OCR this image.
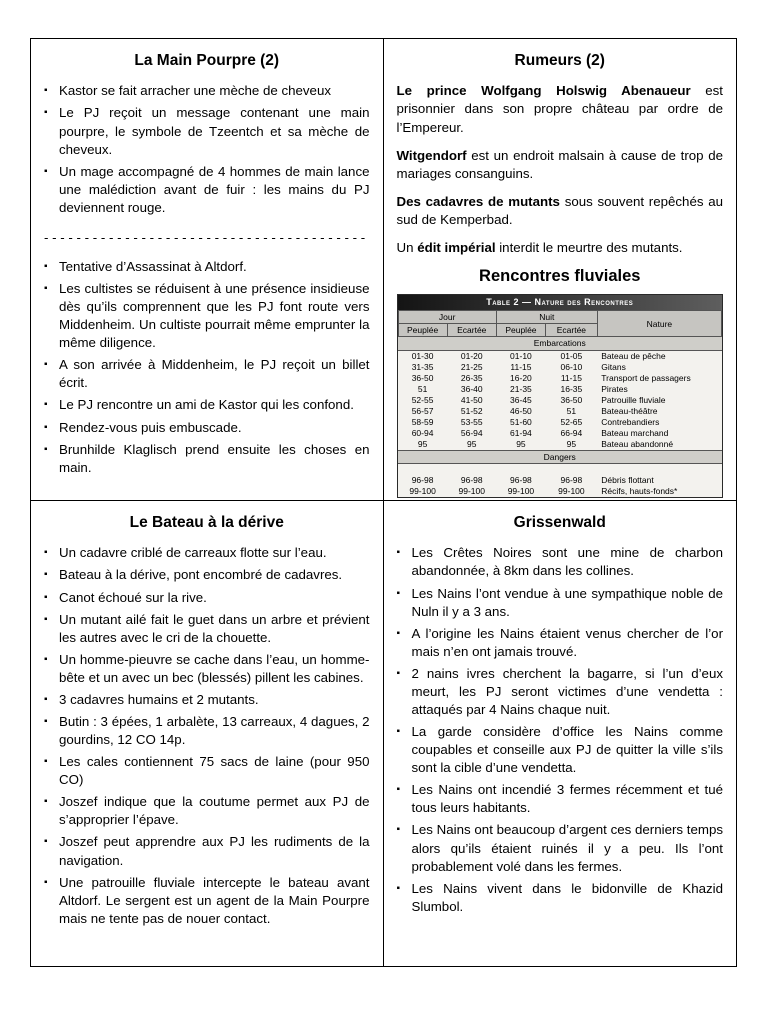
La Main Pourpre (2)
▪ Kastor se fait arracher une mèche de cheveux
▪ Le PJ reçoit un message contenant une main pourpre, le symbole de Tzeentch et sa mèche de cheveux.
▪ Un mage accompagné de 4 hommes de main lance une malédiction avant de fuir : les mains du PJ deviennent rouge.
- - - - - - - - - - - - - - - - - - - - - - - - - - - - - - - - - - - - - - - -
▪ Tentative d’Assassinat à Altdorf.
▪ Les cultistes se réduisent à une présence insidieuse dès qu’ils comprennent que les PJ font route vers Middenheim. Un cultiste pourrait même emprunter la même diligence.
▪ A son arrivée à Middenheim, le PJ reçoit un billet écrit.
▪ Le PJ rencontre un ami de Kastor qui les confond.
▪ Rendez-vous puis embuscade.
▪ Brunhilde Klaglisch prend ensuite les choses en main.
Rumeurs (2)

Le prince Wolfgang Holswig Abenaueur est prisonnier dans son propre château par ordre de l’Empereur.

Witgendorf est un endroit malsain à cause de trop de mariages consanguins.

Des cadavres de mutants sous souvent repêchés au sud de Kemperbad.

Un édit impérial interdit le meurtre des mutants.

Rencontres fluviales
Table 2 — Nature des Rencontres
Jour		Nuit		Nature
Peuplée	Ecartée	Peuplée	Ecartée	
Embarcations				
01-30	01-20	01-10	01-05	Bateau de pêche
31-35	21-25	11-15	06-10	Gitans
36-50	26-35	16-20	11-15	Transport de passagers
51	36-40	21-35	16-35	Pirates
52-55	41-50	36-45	36-50	Patrouille fluviale
56-57	51-52	46-50	51	Bateau-théâtre
58-59	53-55	51-60	52-65	Contrebandiers
60-94	56-94	61-94	66-94	Bateau marchand
95	95	95	95	Bateau abandonné
Dangers				

96-98	96-98	96-98	96-98	Débris flottant
99-100	99-100	99-100	99-100	Récifs, hauts-fonds*
Le Bateau à la dérive
▪ Un cadavre criblé de carreaux flotte sur l’eau.
▪ Bateau à la dérive, pont encombré de cadavres.
▪ Canot échoué sur la rive.
▪ Un mutant ailé fait le guet dans un arbre et prévient les autres avec le cri de la chouette.
▪ Un homme-pieuvre se cache dans l’eau, un homme-bête et un avec un bec (blessés) pillent les cabines.
▪ 3 cadavres humains et 2 mutants.
▪ Butin : 3 épées, 1 arbalète, 13 carreaux, 4 dagues, 2 gourdins, 12 CO 14p.
▪ Les cales contiennent 75 sacs de laine (pour 950 CO)
▪ Joszef indique que la coutume permet aux PJ de s’approprier l’épave.
▪ Joszef peut apprendre aux PJ les rudiments de la navigation.
▪ Une patrouille fluviale intercepte le bateau avant Altdorf. Le sergent est un agent de la Main Pourpre mais ne tente pas de nouer contact.
Grissenwald
▪ Les Crêtes Noires sont une mine de charbon abandonnée, à 8km dans les collines.
▪ Les Nains l’ont vendue à une sympathique noble de Nuln il y a 3 ans.
▪ A l’origine les Nains étaient venus chercher de l’or mais n’en ont jamais trouvé.
▪ 2 nains ivres cherchent la bagarre, si l’un d’eux meurt, les PJ seront victimes d’une vendetta : attaqués par 4 Nains chaque nuit.
▪ La garde considère d’office les Nains comme coupables et conseille aux PJ de quitter la ville s’ils sont la cible d’une vendetta.
▪ Les Nains ont incendié 3 fermes récemment et tué tous leurs habitants.
▪ Les Nains ont beaucoup d’argent ces derniers temps alors qu’ils étaient ruinés il y a peu. Ils l’ont probablement volé dans les fermes.
▪ Les Nains vivent dans le bidonville de Khazid Slumbol.
